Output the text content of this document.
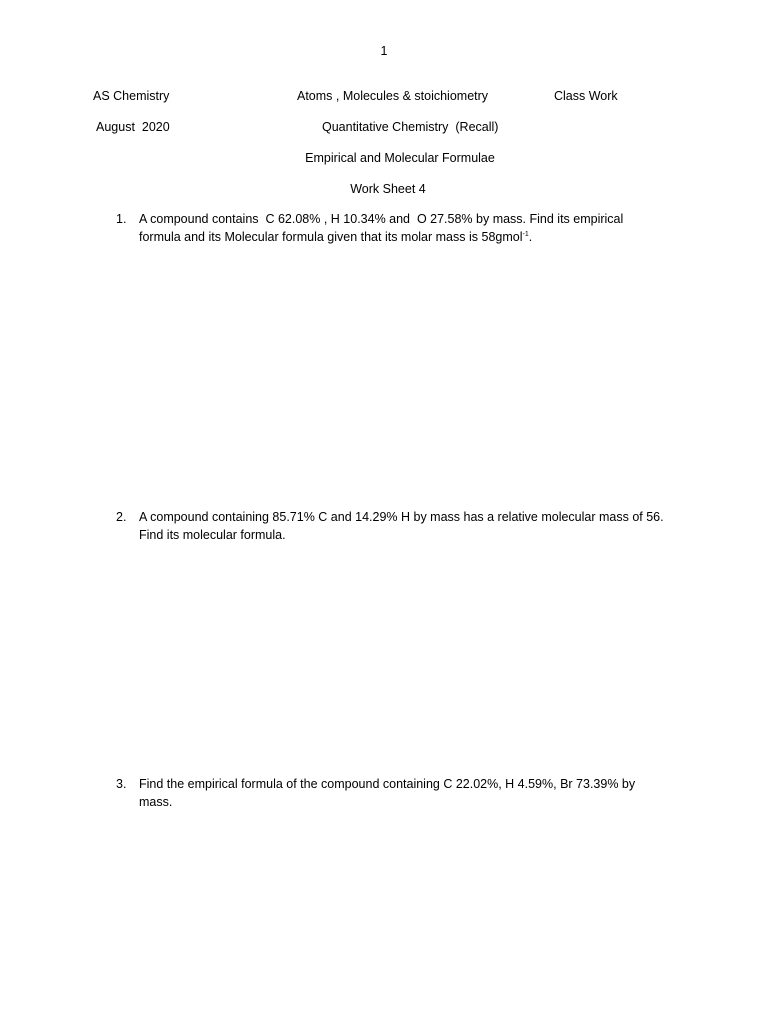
1
AS Chemistry	Atoms , Molecules & stoichiometry	Class Work
August  2020	Quantitative Chemistry  (Recall)
Empirical and Molecular Formulae
Work Sheet 4
1.	A compound contains  C 62.08% , H 10.34% and  O 27.58% by mass. Find its empirical
formula and its Molecular formula given that its molar mass is 58gmol$^{-1}$.
2.	A compound containing 85.71% C and 14.29% H by mass has a relative molecular mass of 56.
Find its molecular formula.
3.	Find the empirical formula of the compound containing C 22.02%, H 4.59%, Br 73.39% by
mass.
